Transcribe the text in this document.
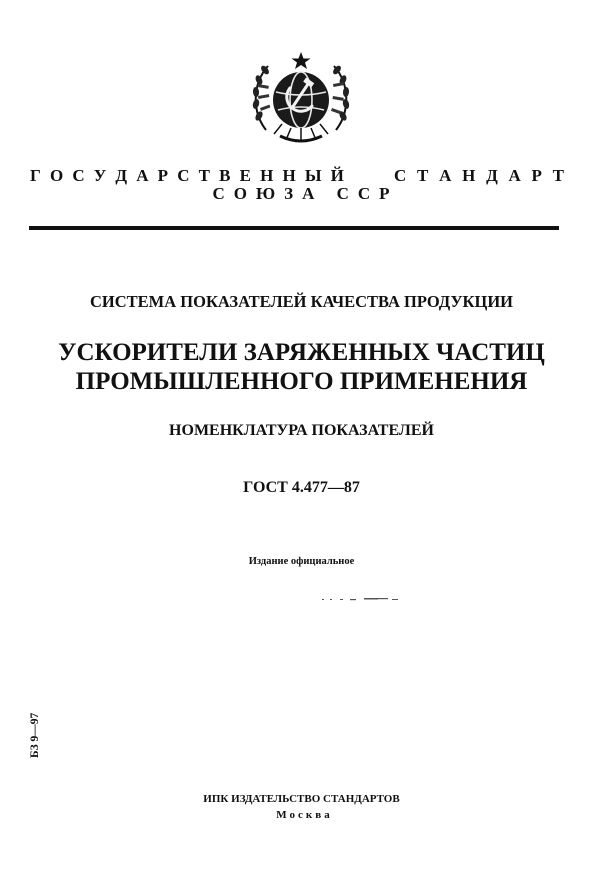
Г О С У Д А Р С Т В Е Н Н Ы Й	С Т А Н Д А Р Т
СОЮЗА ССР
СИСТЕМА ПОКАЗАТЕЛЕЙ КАЧЕСТВА ПРОДУКЦИИ
УСКОРИТЕЛИ ЗАРЯЖЕННЫХ ЧАСТИЦ
ПРОМЫШЛЕННОГО ПРИМЕНЕНИЯ
НОМЕНКЛАТУРА ПОКАЗАТЕЛЕЙ
ГОСТ 4.477—87
Издание официальное
БЗ 9—97
ИПК ИЗДАТЕЛЬСТВО СТАНДАРТОВ
Москва
